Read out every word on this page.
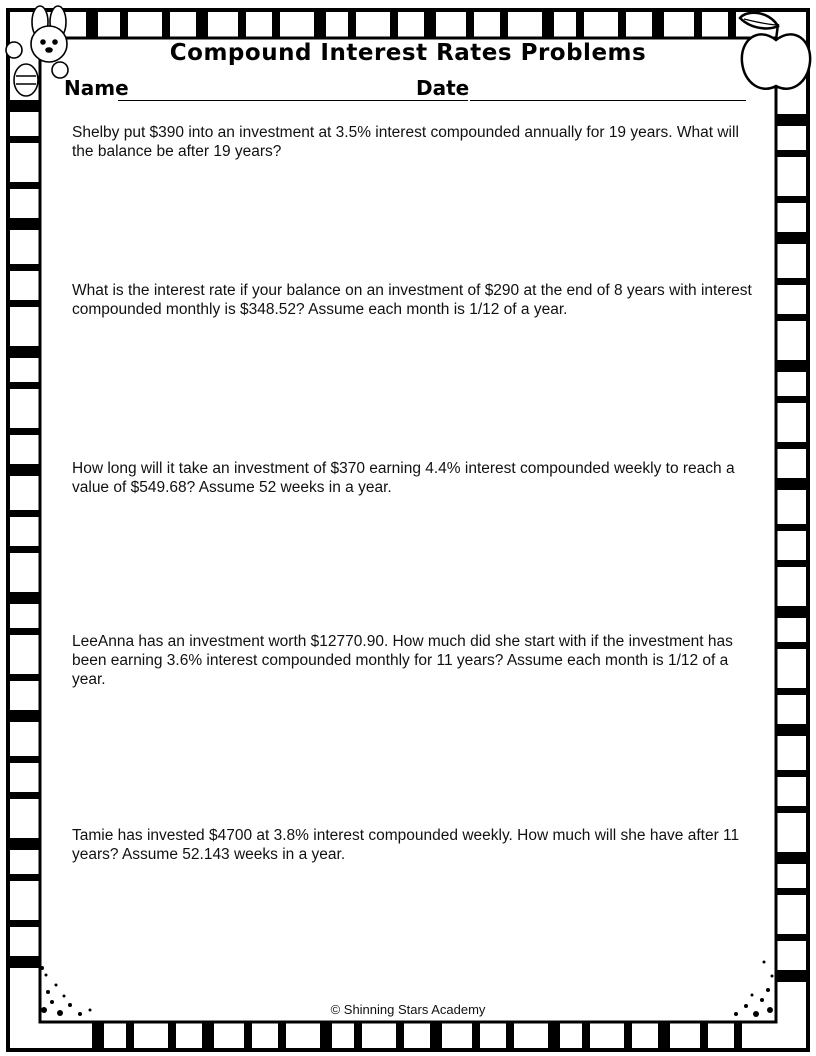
Compound Interest Rates Problems
Name	Date

Shelby put $390 into an investment at 3.5% interest compounded annually for 19 years. What will the balance be after 19 years?

What is the interest rate if your balance on an investment of $290 at the end of 8 years with interest compounded monthly is $348.52? Assume each month is 1/12 of a year.

How long will it take an investment of $370 earning 4.4% interest compounded weekly to reach a value of $549.68? Assume 52 weeks in a year.

LeeAnna has an investment worth $12770.90. How much did she start with if the investment has been earning 3.6% interest compounded monthly for 11 years? Assume each month is 1/12 of a year.

Tamie has invested $4700 at 3.8% interest compounded weekly. How much will she have after 11 years? Assume 52.143 weeks in a year.

© Shinning Stars Academy
